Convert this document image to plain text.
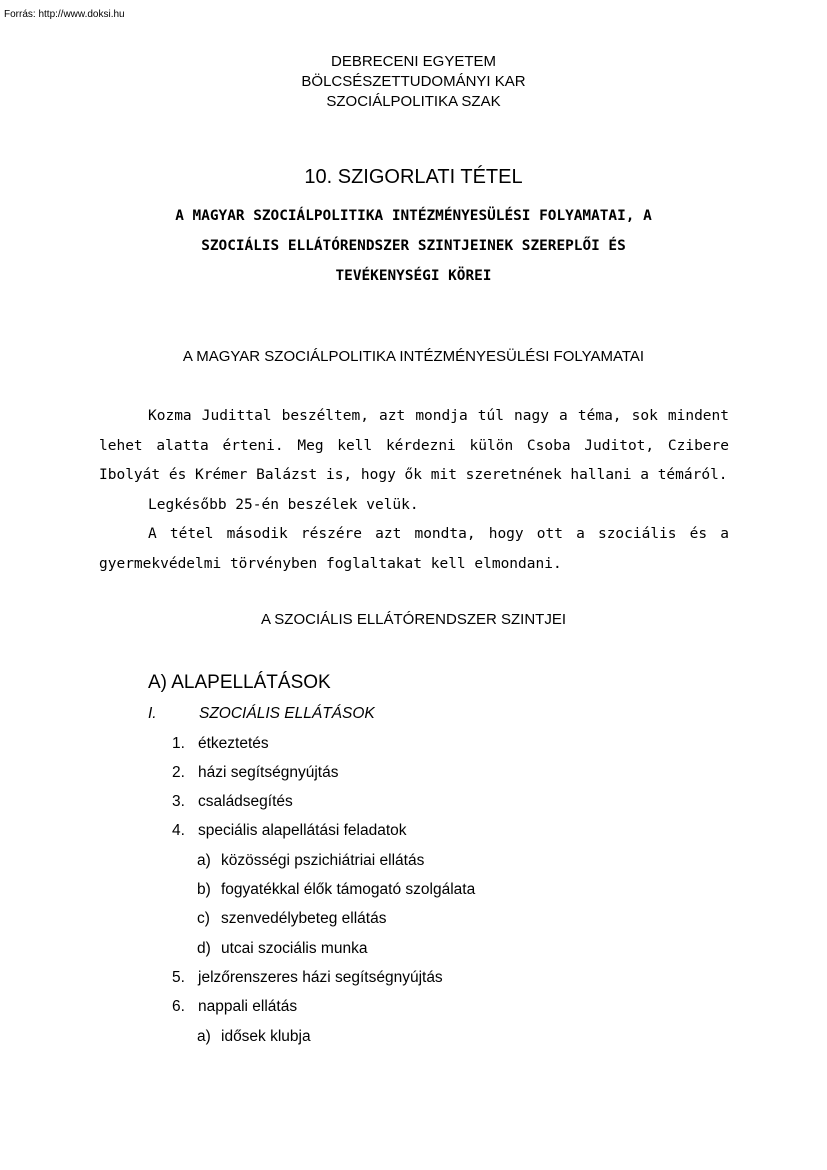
Forrás: http://www.doksi.hu
DEBRECENI EGYETEM
BÖLCSÉSZETTUDOMÁNYI KAR
SZOCIÁLPOLITIKA SZAK
10. SZIGORLATI TÉTEL
A MAGYAR SZOCIÁLPOLITIKA INTÉZMÉNYESÜLÉSI FOLYAMATAI, A
SZOCIÁLIS ELLÁTÓRENDSZER SZINTJEINEK SZEREPLŐI ÉS
TEVÉKENYSÉGI KÖREI
A MAGYAR SZOCIÁLPOLITIKA INTÉZMÉNYESÜLÉSI FOLYAMATAI
Kozma Judittal beszéltem, azt mondja túl nagy a téma, sok mindent lehet alatta érteni. Meg kell kérdezni külön Csoba Juditot, Czibere Ibolyát és Krémer Balázst is, hogy ők mit szeretnének hallani a témáról.
Legkésőbb 25-én beszélek velük.
A tétel második részére azt mondta, hogy ott a szociális és a gyermekvédelmi törvényben foglaltakat kell elmondani.
A SZOCIÁLIS ELLÁTÓRENDSZER SZINTJEI
A) ALAPELLÁTÁSOK
I.	SZOCIÁLIS ELLÁTÁSOK
1. étkeztetés
2. házi segítségnyújtás
3. családsegítés
4. speciális alapellátási feladatok
a) közösségi pszichiátriai ellátás
b) fogyatékkal élők támogató szolgálata
c) szenvedélybeteg ellátás
d) utcai szociális munka
5. jelzőrenszeres házi segítségnyújtás
6. nappali ellátás
a) idősek klubja
